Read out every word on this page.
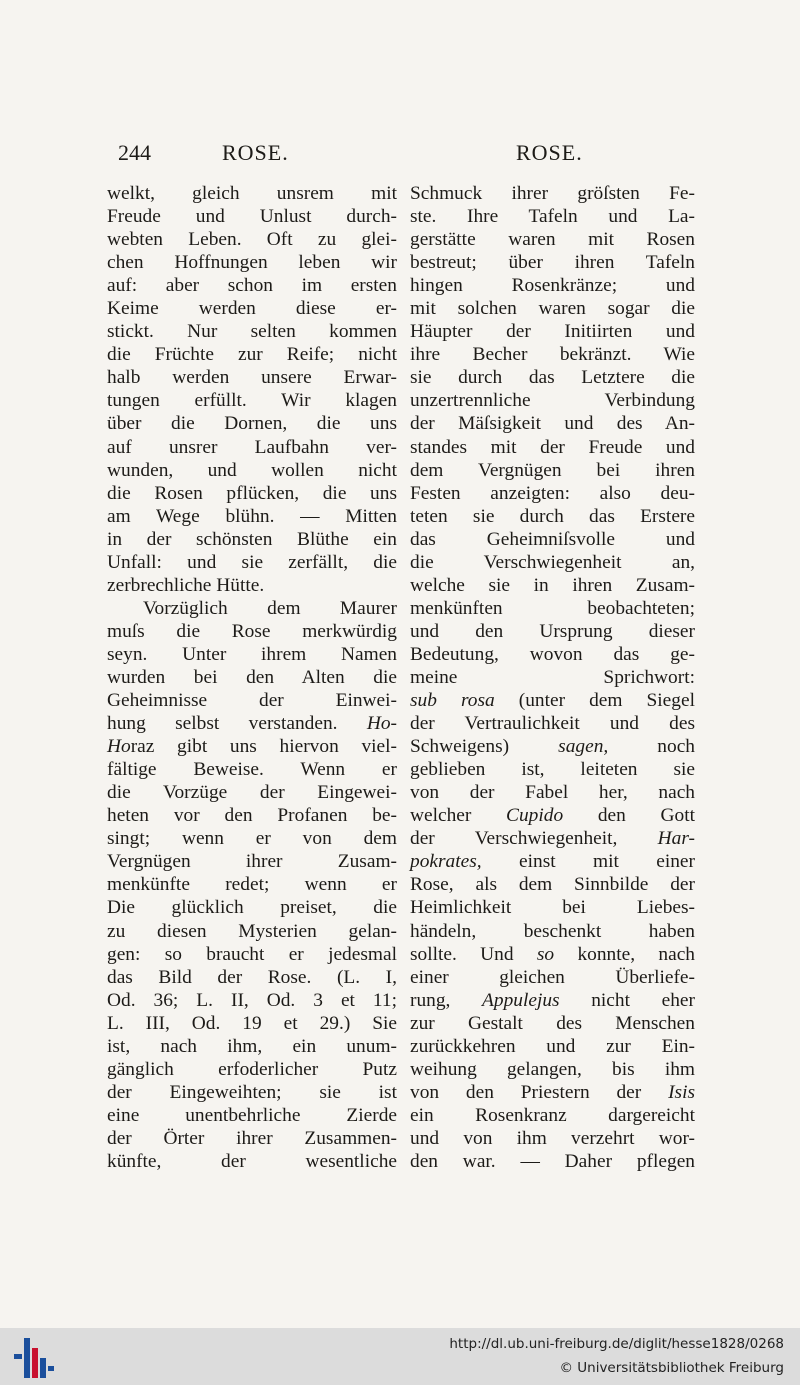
244	ROSE.	ROSE.
welkt, gleich unsrem mit
Freude und Unlust durch-
webten Leben. Oft zu glei-
chen Hoffnungen leben wir
auf: aber schon im ersten
Keime werden diese er-
stickt. Nur selten kommen
die Früchte zur Reife; nicht
halb werden unsere Erwar-
tungen erfüllt. Wir klagen
über die Dornen, die uns
auf unsrer Laufbahn ver-
wunden, und wollen nicht
die Rosen pflücken, die uns
am Wege blühn. — Mitten
in der schönsten Blüthe ein
Unfall: und sie zerfällt, die
zerbrechliche Hütte.
Vorzüglich dem Maurer
muſs die Rose merkwürdig
seyn. Unter ihrem Namen
wurden bei den Alten die
Geheimnisse der Einwei-
hung selbst verstanden. Ho-
Horaz gibt uns hiervon viel-
fältige Beweise. Wenn er
die Vorzüge der Eingewei-
heten vor den Profanen be-
singt; wenn er von dem
Vergnügen ihrer Zusam-
menkünfte redet; wenn er
Die glücklich preiset, die
zu diesen Mysterien gelan-
gen: so braucht er jedesmal
das Bild der Rose. (L. I,
Od. 36; L. II, Od. 3 et 11;
L. III, Od. 19 et 29.) Sie
ist, nach ihm, ein unum-
gänglich erfoderlicher Putz
der Eingeweihten; sie ist
eine unentbehrliche Zierde
der Örter ihrer Zusammen-
künfte, der wesentliche
Schmuck ihrer gröſsten Fe-
ste. Ihre Tafeln und La-
gerstätte waren mit Rosen
bestreut; über ihren Tafeln
hingen Rosenkränze; und
mit solchen waren sogar die
Häupter der Initiirten und
ihre Becher bekränzt. Wie
sie durch das Letztere die
unzertrennliche Verbindung
der Mäſsigkeit und des An-
standes mit der Freude und
dem Vergnügen bei ihren
Festen anzeigten: also deu-
teten sie durch das Erstere
das Geheimniſsvolle und
die Verschwiegenheit an,
welche sie in ihren Zusam-
menkünften beobachteten;
und den Ursprung dieser
Bedeutung, wovon das ge-
meine Sprichwort:
sub rosa (unter dem Siegel
der Vertraulichkeit und des
Schweigens) sagen, noch
geblieben ist, leiteten sie
von der Fabel her, nach
welcher Cupido den Gott
der Verschwiegenheit, Har-
pokrates, einst mit einer
Rose, als dem Sinnbilde der
Heimlichkeit bei Liebes-
händeln, beschenkt haben
sollte. Und so konnte, nach
einer gleichen Überliefe-
rung, Appulejus nicht eher
zur Gestalt des Menschen
zurückkehren und zur Ein-
weihung gelangen, bis ihm
von den Priestern der Isis
ein Rosenkranz dargereicht
und von ihm verzehrt wor-
den war. — Daher pflegen
http://dl.ub.uni-freiburg.de/diglit/hesse1828/0268
© Universitätsbibliothek Freiburg
